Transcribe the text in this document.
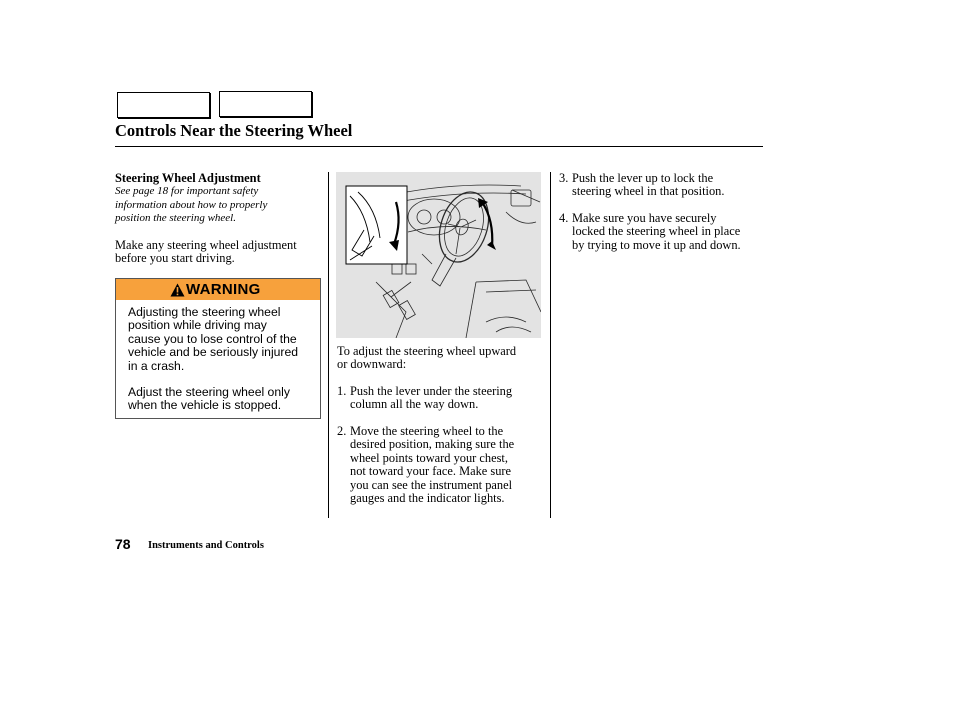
Controls Near the Steering Wheel
Steering Wheel Adjustment
See page 18 for important safety
information about how to properly
position the steering wheel.
Make any steering wheel adjustment
before you start driving.
WARNING
Adjusting the steering wheel
position while driving may
cause you to lose control of the
vehicle and be seriously injured
in a crash.
Adjust the steering wheel only
when the vehicle is stopped.
To adjust the steering wheel upward
or downward:
1. Push the lever under the steering
column all the way down.
2. Move the steering wheel to the
desired position, making sure the
wheel points toward your chest,
not toward your face. Make sure
you can see the instrument panel
gauges and the indicator lights.
3. Push the lever up to lock the
steering wheel in that position.
4. Make sure you have securely
locked the steering wheel in place
by trying to move it up and down.
78 Instruments and Controls
